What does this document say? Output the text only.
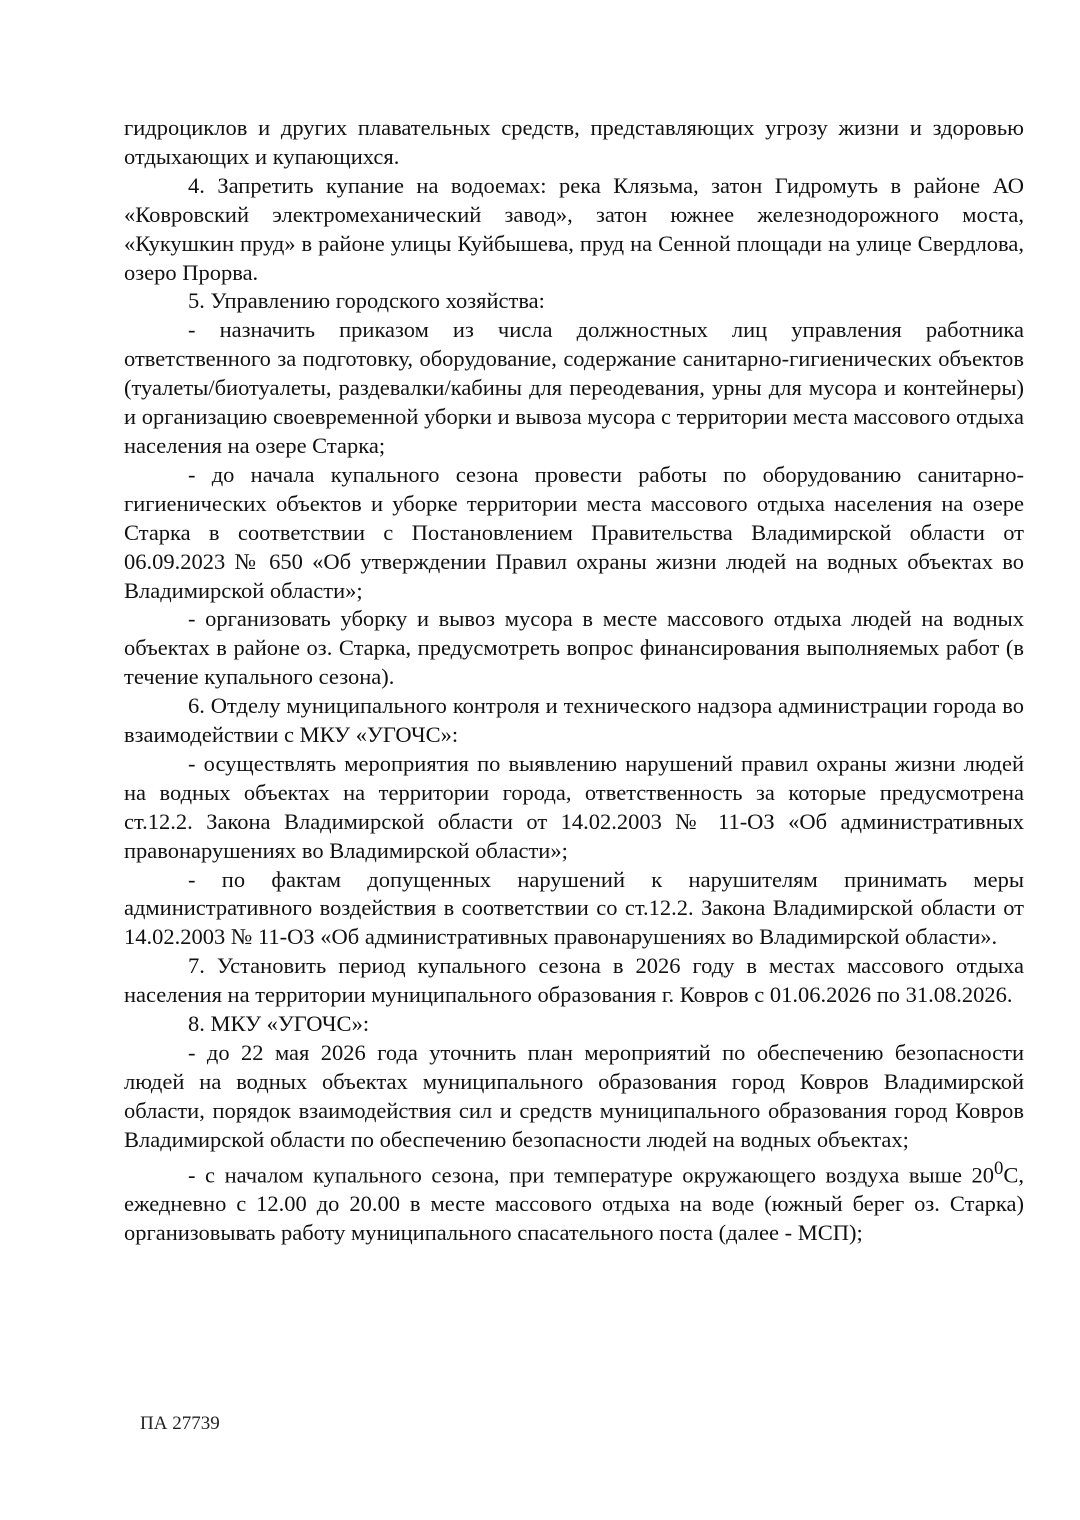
гидроциклов и других плавательных средств, представляющих угрозу жизни и здоровью отдыхающих и купающихся.

4. Запретить купание на водоемах: река Клязьма, затон Гидромуть в районе АО «Ковровский электромеханический завод», затон южнее железнодорожного моста, «Кукушкин пруд» в районе улицы Куйбышева, пруд на Сенной площади на улице Свердлова, озеро Прорва.

5. Управлению городского хозяйства:

- назначить приказом из числа должностных лиц управления работника ответственного за подготовку, оборудование, содержание санитарно-гигиенических объектов (туалеты/биотуалеты, раздевалки/кабины для переодевания, урны для мусора и контейнеры) и организацию своевременной уборки и вывоза мусора с территории места массового отдыха населения на озере Старка;

- до начала купального сезона провести работы по оборудованию санитарно-гигиенических объектов и уборке территории места массового отдыха населения на озере Старка в соответствии с Постановлением Правительства Владимирской области от 06.09.2023 № 650 «Об утверждении Правил охраны жизни людей на водных объектах во Владимирской области»;

- организовать уборку и вывоз мусора в месте массового отдыха людей на водных объектах в районе оз. Старка, предусмотреть вопрос финансирования выполняемых работ (в течение купального сезона).

6. Отделу муниципального контроля и технического надзора администрации города во взаимодействии с МКУ «УГОЧС»:

- осуществлять мероприятия по выявлению нарушений правил охраны жизни людей на водных объектах на территории города, ответственность за которые предусмотрена ст.12.2. Закона Владимирской области от 14.02.2003 № 11-ОЗ «Об административных правонарушениях во Владимирской области»;

- по фактам допущенных нарушений к нарушителям принимать меры административного воздействия в соответствии со ст.12.2. Закона Владимирской области от 14.02.2003 № 11-ОЗ «Об административных правонарушениях во Владимирской области».

7. Установить период купального сезона в 2026 году в местах массового отдыха населения на территории муниципального образования г. Ковров с 01.06.2026 по 31.08.2026.

8. МКУ «УГОЧС»:

- до 22 мая 2026 года уточнить план мероприятий по обеспечению безопасности людей на водных объектах муниципального образования город Ковров Владимирской области, порядок взаимодействия сил и средств муниципального образования город Ковров Владимирской области по обеспечению безопасности людей на водных объектах;

- с началом купального сезона, при температуре окружающего воздуха выше $20^0С$, ежедневно с 12.00 до 20.00 в месте массового отдыха на воде (южный берег оз. Старка) организовывать работу муниципального спасательного поста (далее - МСП);

ПА 27739
